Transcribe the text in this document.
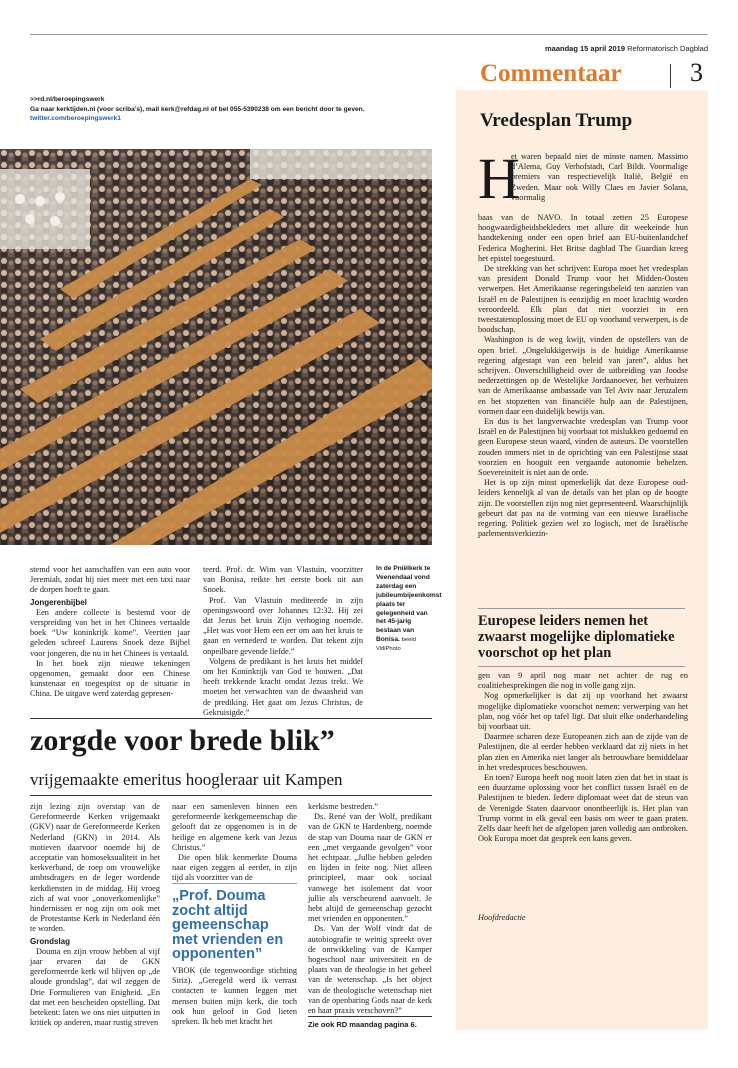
maandag 15 april 2019 Reformatorisch Dagblad
Commentaar	3
>>rd.nl/beroepingswerk
Ga naar kerktijden.nl (voor scriba’s), mail kerk@refdag.nl of bel 055-5390238 om een bericht door te geven.
twitter.com/beroepingswerk1

stemd voor het aanschaffen van een auto voor Jeremiah, zodat hij niet meer met een taxi naar de dorpen hoeft te gaan.

Jongerenbijbel

Een andere collecte is bestemd voor de verspreiding van het in het Chinees vertaalde boek “Uw koninkrijk kome”. Veertien jaar geleden schreef Laurens Snoek deze Bijbel voor jongeren, die nu in het Chinees is vertaald.

In het boek zijn nieuwe tekeningen opgenomen, gemaakt door een Chinese kunstenaar en toegespitst op de situatie in China. De uitgave werd zaterdag gepresen-

teerd. Prof. dr. Wim van Vlastuin, voorzitter van Bonisa, reikte het eerste boek uit aan Snoek.

Prof. Van Vlastuin mediteerde in zijn openingswoord over Johannes 12:32. Hij zei dat Jezus het kruis Zijn verhoging noemde. „Het was voor Hem een eer om aan het kruis te gaan en vernederd te worden. Dat tekent zijn onpeilbare gevende liefde.”

Volgens de predikant is het kruis het middel om het Koninkrijk van God te bouwen. „Dat heeft trekkende kracht omdat Jezus trekt. We moeten het verwachten van de dwaasheid van de prediking. Het gaat om Jezus Christus, de Gekruisigde.”

In de Pniëlkerk te Veenendaal vond zaterdag een jubileumbijeenkomst plaats ter gelegenheid van het 45-jarig bestaan van Bonisa. beeld VidiPhoto
zorgde voor brede blik”
vrijgemaakte emeritus hoogleraar uit Kampen

zijn lezing zijn overstap van de Gereformeerde Kerken vrijgemaakt (GKV) naar de Gereformeerde Kerken Nederland (GKN) in 2014. Als motieven daarvoor noemde hij de acceptatie van homoseksualiteit in het kerkverband, de roep om vrouwelijke ambtsdragers en de leger wordende kerkdiensten in de middag. Hij vroeg zich af wat voor „onoverkomenlijke” hindernissen er nog zijn om ook met de Protestantse Kerk in Nederland één te worden.

Grondslag

Douma en zijn vrouw hebben al vijf jaar ervaren dat de GKN gereformeerde kerk wil blijven op „de aloude grondslag”, dat wil zeggen de Drie Formulieren van Enigheid. „En dat met een bescheiden opstelling. Dat betekent: laten we ons niet uitputten in kritiek op anderen, maar rustig streven

naar een samenleven binnen een gereformeerde kerkgemeenschap die gelooft dat ze opgenomen is in de heilige en algemene kerk van Jezus Christus.”

Die open blik kenmerkte Douma naar eigen zeggen al eerder, in zijn tijd als voorzitter van de

„Prof. Douma zocht altijd gemeenschap met vrienden en opponenten”

VBOK (de tegenwoordige stichting Siriz). „Geregeld werd ik verrast contacten te kunnen leggen met mensen buiten mijn kerk, die toch ook hun geloof in God lieten spreken. Ik heb met kracht het

kerkisme bestreden.”

Ds. René van der Wolf, predikant van de GKN te Hardenberg, noemde de stap van Douma naar de GKN er een „met vergaande gevolgen” voor het echtpaar. „Jullie hebben geleden en lijden in feite nog. Niet alleen principieel, maar ook sociaal vanwege het isolement dat voor jullie als verscheurend aanvoelt. Je hebt altijd de gemeenschap gezocht met vrienden en opponenten.”

Ds. Van der Wolf vindt dat de autobiografie te weinig spreekt over de ontwikkeling van de Kamper hogeschool naar universiteit en de plaats van de theologie in het geheel van de wetenschap. „Is het object van de theologische wetenschap niet van de openbaring Gods naar de kerk en haar praxis verschoven?”

Zie ook RD maandag pagina 6.
Vredesplan Trump
H

et waren bepaald niet de minste namen. Massimo d’Alema, Guy Verhofstadt, Carl Bildt. Voormalige premiers van respectievelijk Italië, België en Zweden. Maar ook Willy Claes en Javier Solana, voormalig

baas van de NAVO. In totaal zetten 25 Europese hoogwaardigheidsbekleders met allure dit weekeinde hun handtekening onder een open brief aan EU-buitenlandchef Federica Mogherini. Het Britse dagblad The Guardian kreeg het epistel toegestuurd.

De strekking van het schrijven: Europa moet het vredesplan van president Donald Trump voor het Midden-Oosten verwerpen. Het Amerikaanse regeringsbeleid ten aanzien van Israël en de Palestijnen is eenzijdig en moet krachtig worden veroordeeld. Elk plan dat niet voorziet in een tweestatenoplossing moet de EU op voorhand verwerpen, is de boodschap.

Washington is de weg kwijt, vinden de opstellers van de open brief. „Ongelukkigerwijs is de huidige Amerikaanse regering afgestapt van een beleid van jaren”, aldus het schrijven. Onverschilligheid over de uitbreiding van Joodse nederzettingen op de Westelijke Jordaanoever, het verhuizen van de Amerikaanse ambassade van Tel Aviv naar Jeruzalem en het stopzetten van financiële hulp aan de Palestijnen, vormen daar een duidelijk bewijs van.

En dus is het langverwachte vredesplan van Trump voor Israël en de Palestijnen bij voorbaat tot mislukken gedoemd en geen Europese steun waard, vinden de auteurs. De voorstellen zouden immers niet in de oprichting van een Palestijnse staat voorzien en hooguit een vergaande autonomie behelzen. Soevereiniteit is niet aan de orde.

Het is op zijn minst opmerkelijk dat deze Europese oud-leiders kennelijk al van de details van het plan op de hoogte zijn. De voorstellen zijn nog niet gepresenteerd. Waarschijnlijk gebeurt dat pas na de vorming van een nieuwe Israëlische regering. Politiek gezien wel zo logisch, met de Israëlische parlementsverkiezin-

Europese leiders nemen het zwaarst mogelijke diplomatieke voorschot op het plan

gen van 9 april nog maar net achter de rug en coalitiebesprekingen die nog in volle gang zijn.

Nog opmerkelijker is dat zij op voorhand het zwaarst mogelijke diplomatieke voorschot nemen: verwerping van het plan, nog vóór het op tafel ligt. Dat sluit elke onderhandeling bij voorbaat uit.

Daarmee scharen deze Europeanen zich aan de zijde van de Palestijnen, die al eerder hebben verklaard dat zij niets in het plan zien en Amerika niet langer als betrouwbare bemiddelaar in het vredesproces beschouwen.

En toen? Europa heeft nog nooit laten zien dat het in staat is een duurzame oplossing voor het conflict tussen Israël en de Palestijnen te bieden. Iedere diplomaat weet dat de steun van de Verenigde Staten daarvoor onontbeerlijk is. Het plan van Trump vormt in elk geval een basis om weer te gaan praten. Zelfs daar heeft het de afgelopen jaren volledig aan ontbroken. Ook Europa moet dat gesprek een kans geven.

Hoofdredactie
